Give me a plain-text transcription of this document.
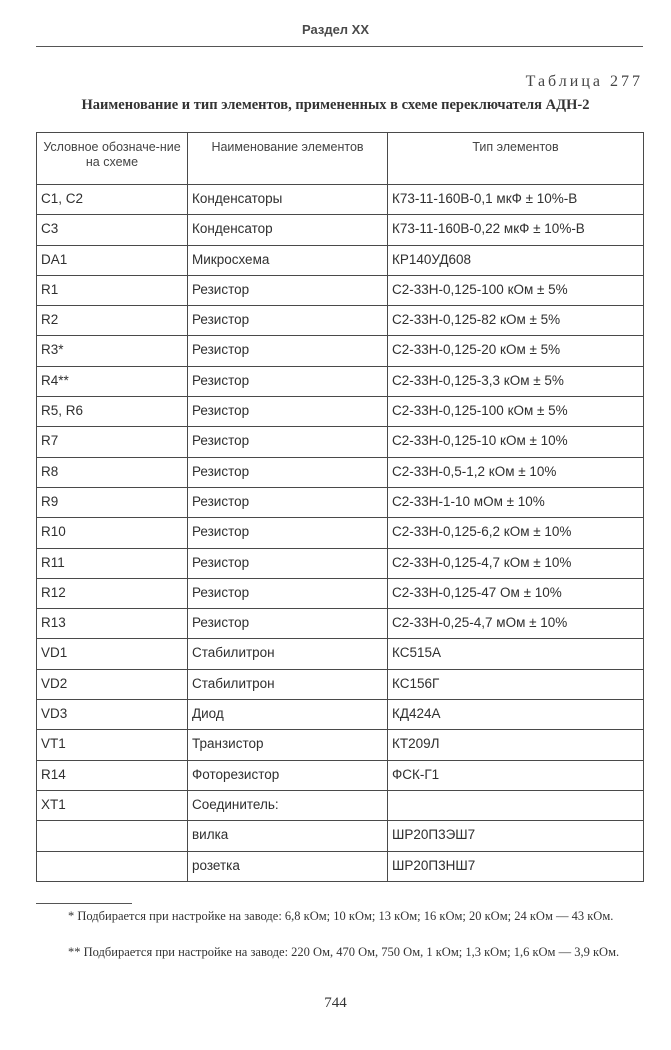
Раздел XX
Таблица 277
Наименование и тип элементов, примененных в схеме переключателя АДН-2
Условное обозначе-ние на схеме	Наименование элементов	Тип элементов
C1, C2	Конденсаторы	К73-11-160В-0,1 мкФ ± 10%-В
C3	Конденсатор	К73-11-160В-0,22 мкФ ± 10%-В
DA1	Микросхема	КР140УД608
R1	Резистор	С2-33Н-0,125-100 кОм ± 5%
R2	Резистор	С2-33Н-0,125-82 кОм ± 5%
R3*	Резистор	С2-33Н-0,125-20 кОм ± 5%
R4**	Резистор	С2-33Н-0,125-3,3 кОм ± 5%
R5, R6	Резистор	С2-33Н-0,125-100 кОм ± 5%
R7	Резистор	С2-33Н-0,125-10 кОм ± 10%
R8	Резистор	С2-33Н-0,5-1,2 кОм ± 10%
R9	Резистор	С2-33Н-1-10 мОм ± 10%
R10	Резистор	С2-33Н-0,125-6,2 кОм ± 10%
R11	Резистор	С2-33Н-0,125-4,7 кОм ± 10%
R12	Резистор	С2-33Н-0,125-47 Ом ± 10%
R13	Резистор	С2-33Н-0,25-4,7 мОм ± 10%
VD1	Стабилитрон	КС515А
VD2	Стабилитрон	КС156Г
VD3	Диод	КД424А
VT1	Транзистор	КТ209Л
R14	Фоторезистор	ФСК-Г1
XT1	Соединитель:	
	вилка	ШР20П3ЭШ7
	розетка	ШР20П3НШ7
* Подбирается при настройке на заводе: 6,8 кОм; 10 кОм; 13 кОм; 16 кОм; 20 кОм; 24 кОм — 43 кОм.
** Подбирается при настройке на заводе: 220 Ом, 470 Ом, 750 Ом, 1 кОм; 1,3 кОм; 1,6 кОм — 3,9 кОм.
744
